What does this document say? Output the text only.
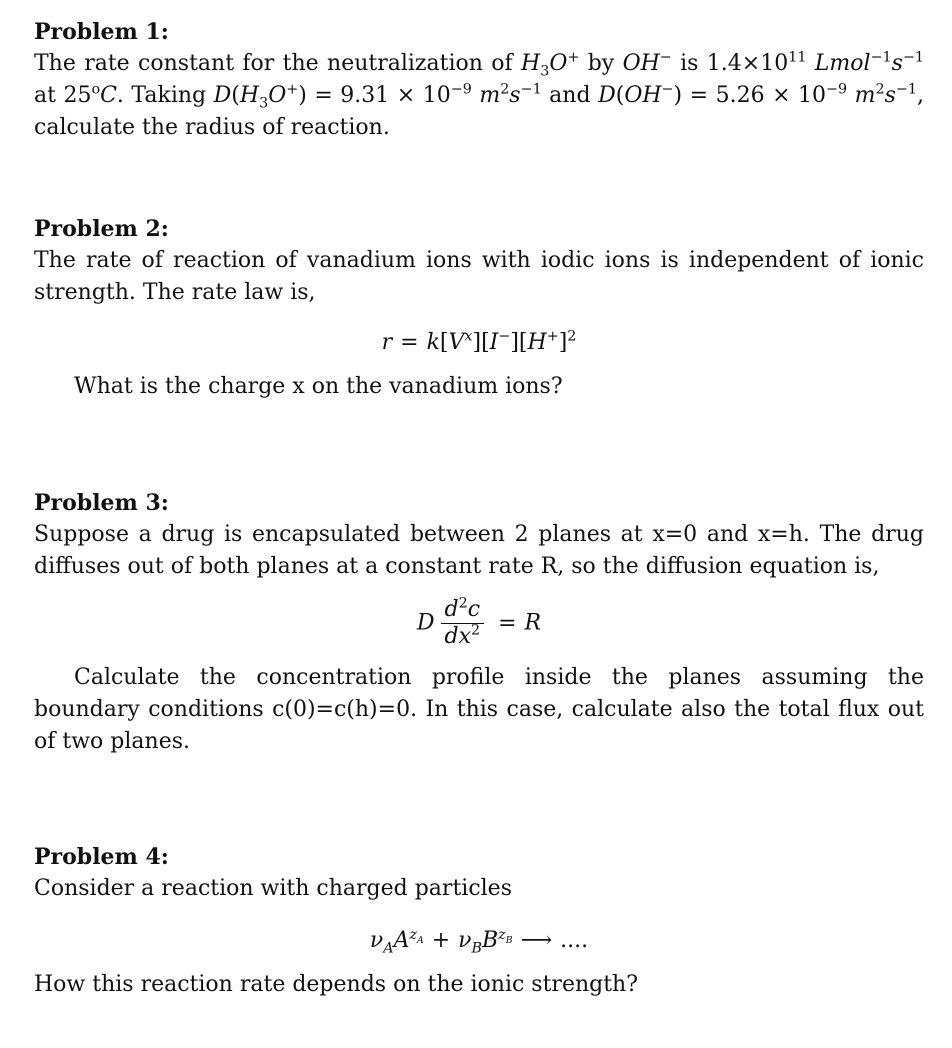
Problem 1:
The rate constant for the neutralization of $H_3O^+$ by OH− is $1.4\times 10^{11}$ $Lmol^{-1}s^{-1}$ at 25$^o$C. Taking $D(H_3O^+) = 9.31 \times 10^{-9}$ $m^2s^{-1}$ and $D(OH^-) = 5.26 \times 10^{-9}$ $m^2s^{-1}$, calculate the radius of reaction.
Problem 2:
The rate of reaction of vanadium ions with iodic ions is independent of ionic strength. The rate law is,
$r = k[V^x][I^-][H^+]^2$
What is the charge x on the vanadium ions?
Problem 3:
Suppose a drug is encapsulated between 2 planes at x=0 and x=h. The drug diffuses out of both planes at a constant rate R, so the diffusion equation is,
D $\frac{d^2c}{dx^2} = R$
Calculate the concentration profile inside the planes assuming the boundary conditions c(0)=c(h)=0. In this case, calculate also the total flux out of two planes.
Problem 4:
Consider a reaction with charged particles
$\nu_AA^{z_A} + \nu_BB^{z_B}$ ⟶ ....
How this reaction rate depends on the ionic strength?
